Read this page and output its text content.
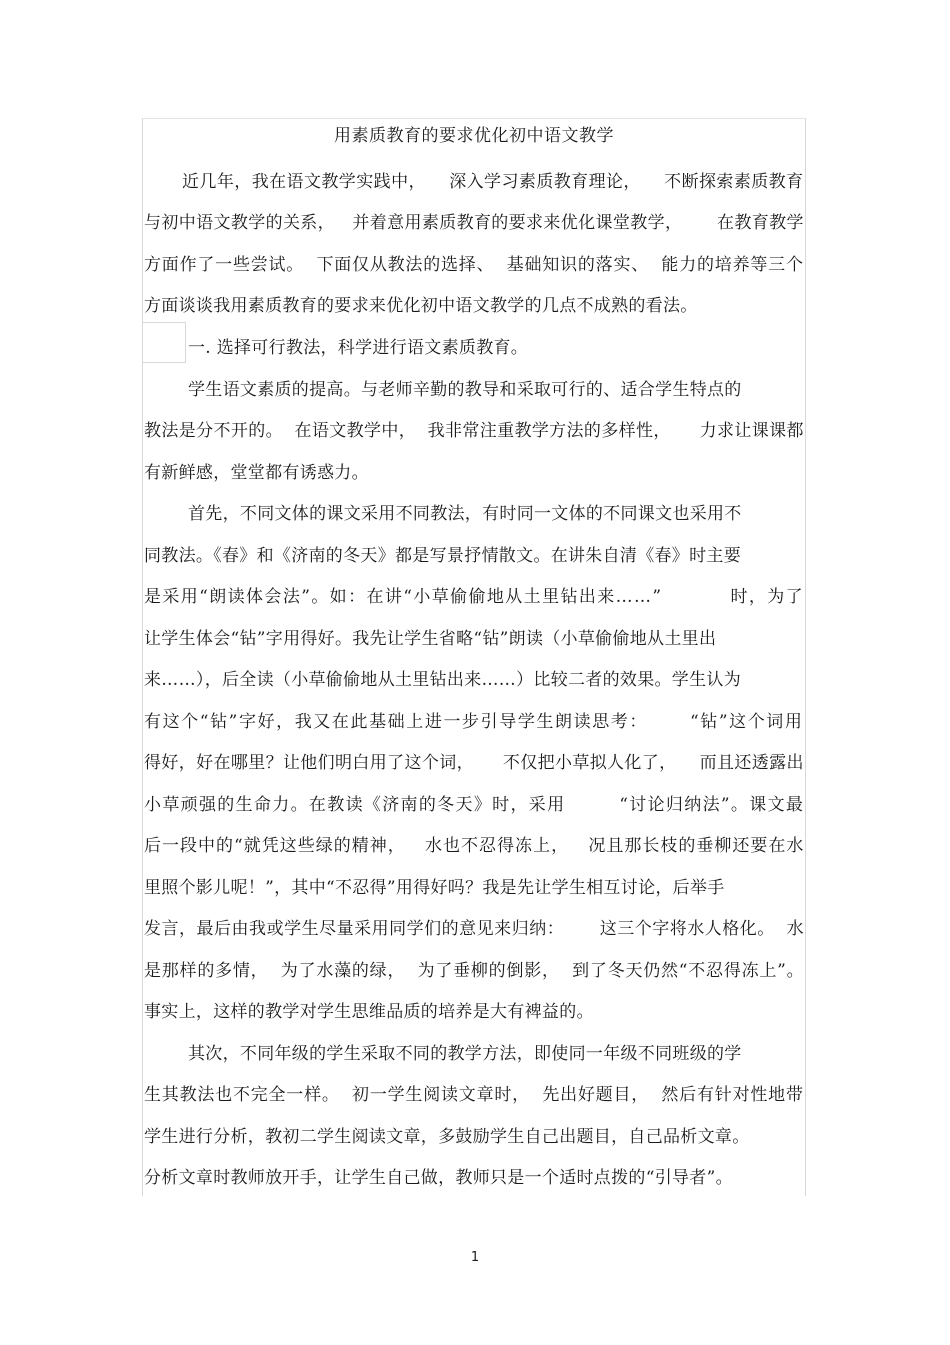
用素质教育的要求优化初中语文教学
近几年，我在语文教学实践中，    深入学习素质教育理论，    不断探索素质教育
与初中语文教学的关系，   并着意用素质教育的要求来优化课堂教学，      在教育教学
方面作了一些尝试。  下面仅从教法的选择、  基础知识的落实、  能力的培养等三个
方面谈谈我用素质教育的要求来优化初中语文教学的几点不成熟的看法。
一. 选择可行教法，科学进行语文素质教育。
学生语文素质的提高。与老师辛勤的教导和采取可行的、适合学生特点的
教法是分不开的。  在语文教学中，  我非常注重教学方法的多样性，     力求让课课都
有新鲜感，堂堂都有诱惑力。
首先，不同文体的课文采用不同教法，有时同一文体的不同课文也采用不
同教法。《春》和《济南的冬天》都是写景抒情散文。在讲朱自清《春》时主要
是采用“朗读体会法”。如：在讲“小草偷偷地从土里钻出来……”          时，为了
让学生体会“钻”字用得好。我先让学生省略“钻”朗读（小草偷偷地从土里出
来……），后全读（小草偷偷地从土里钻出来……）比较二者的效果。学生认为
有这个“钻”字好，我又在此基础上进一步引导学生朗读思考：      “钻”这个词用
得好，好在哪里？让他们明白用了这个词，     不仅把小草拟人化了，    而且还透露出
小草顽强的生命力。在教读《济南的冬天》时，采用        “讨论归纳法”。课文最
后一段中的“就凭这些绿的精神，   水也不忍得冻上，   况且那长枝的垂柳还要在水
里照个影儿呢！”，其中“不忍得”用得好吗？我是先让学生相互讨论，后举手
发言，最后由我或学生尽量采用同学们的意见来归纳：      这三个字将水人格化。  水
是那样的多情，  为了水藻的绿，  为了垂柳的倒影，  到了冬天仍然“不忍得冻上”。
事实上，这样的教学对学生思维品质的培养是大有裨益的。
其次，不同年级的学生采取不同的教学方法，即使同一年级不同班级的学
生其教法也不完全一样。  初一学生阅读文章时，  先出好题目，  然后有针对性地带
学生进行分析，教初二学生阅读文章，多鼓励学生自己出题目，自己品析文章。
分析文章时教师放开手，让学生自己做，教师只是一个适时点拨的“引导者”。
1
